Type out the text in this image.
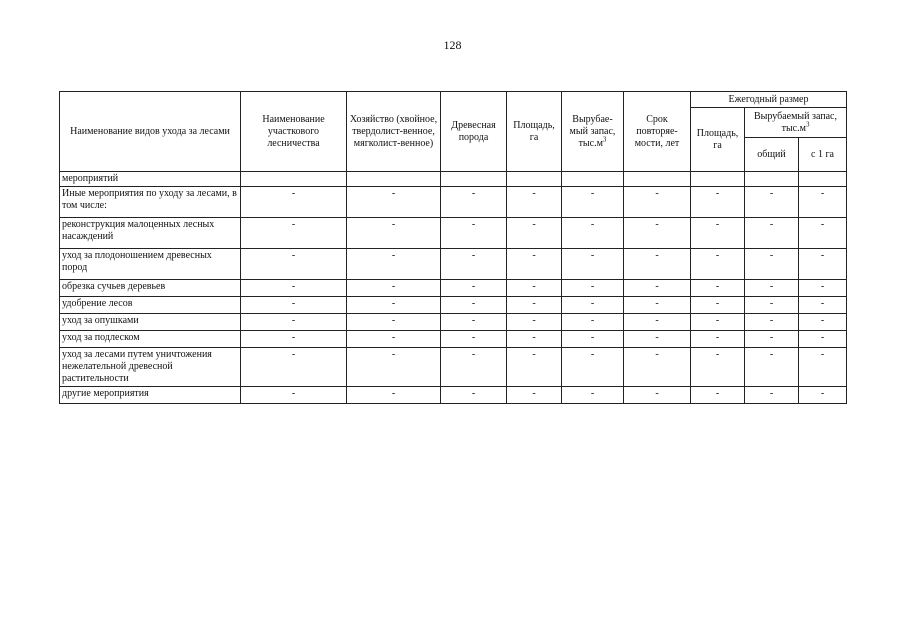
128
Наименование видов ухода за лесами	Наименование участкового лесничества	Хозяйство (хвойное, твердолист-венное, мягколист-венное)	Древесная порода	Площадь, га	Вырубае-мый запас, $тыс.м^3$	Срок повторяе-мости, лет	Ежегодный размер		
							Площадь, га	Вырубаемый запас, $тыс.м^3$
								общий	с 1 га
мероприятий									
Иные мероприятия по уходу за лесами, в том числе:	-	-	-	-	-	-	-	-	-
реконструкция малоценных лесных насаждений	-	-	-	-	-	-	-	-	-
уход за плодоношением древесных пород	-	-	-	-	-	-	-	-	-
обрезка сучьев деревьев	-	-	-	-	-	-	-	-	-
удобрение лесов	-	-	-	-	-	-	-	-	-
уход за опушками	-	-	-	-	-	-	-	-	-
уход за подлеском	-	-	-	-	-	-	-	-	-
уход за лесами путем уничтожения нежелательной древесной растительности	-	-	-	-	-	-	-	-	-
другие мероприятия	-	-	-	-	-	-	-	-	-
